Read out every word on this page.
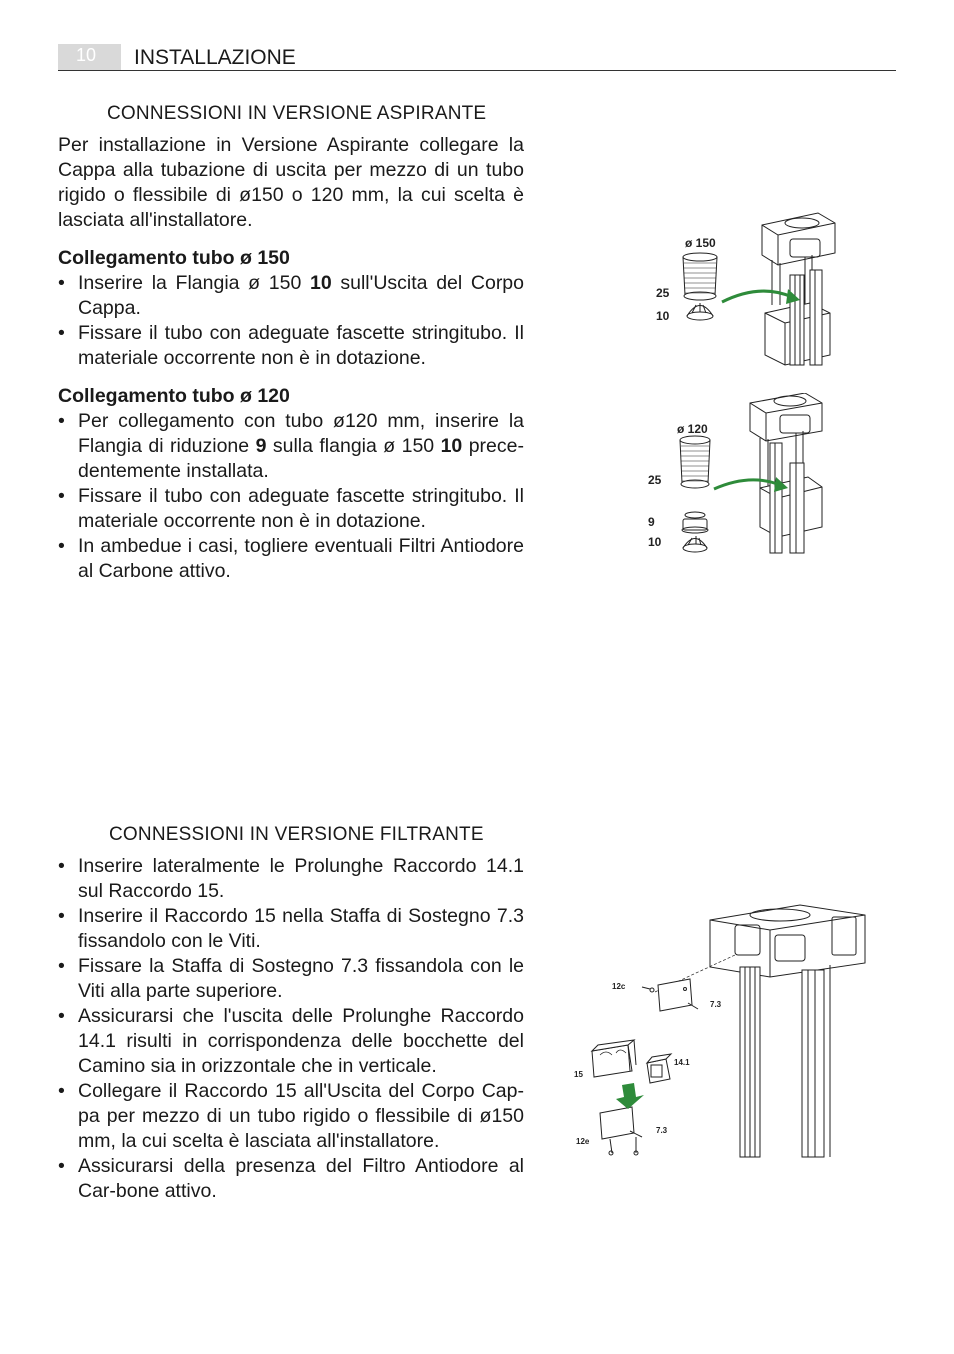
10 INSTALLAZIONE
CONNESSIONI IN VERSIONE ASPIRANTE

Per installazione in Versione Aspirante collegare la Cappa alla tubazione di uscita per mezzo di un tubo rigido o flessibile di ø150 o 120 mm, la cui scelta è lasciata all'installatore.

Collegamento tubo ø 150

• Inserire la Flangia ø 150 10 sull'Uscita del Corpo Cappa.
• Fissare il tubo con adeguate fascette stringitubo. Il materiale occorrente non è in dotazione.

Collegamento tubo ø 120

• Per collegamento con tubo ø120 mm, inserire la Flangia di riduzione 9 sulla flangia ø 150 10 prece-dentemente installata.
• Fissare il tubo con adeguate fascette stringitubo. Il materiale occorrente non è in dotazione.
• In ambedue i casi, togliere eventuali Filtri Antiodore al Carbone attivo.
CONNESSIONI IN VERSIONE FILTRANTE
• Inserire lateralmente le Prolunghe Raccordo 14.1 sul Raccordo 15.
• Inserire il Raccordo 15 nella Staffa di Sostegno 7.3 fissandolo con le Viti.
• Fissare la Staffa di Sostegno 7.3 fissandola con le Viti alla parte superiore.
• Assicurarsi che l'uscita delle Prolunghe Raccordo 14.1 risulti in corrispondenza delle bocchette del Camino sia in orizzontale che in verticale.
• Collegare il Raccordo 15 all'Uscita del Corpo Cap-pa per mezzo di un tubo rigido o flessibile di ø150 mm, la cui scelta è lasciata all'installatore.
• Assicurarsi della presenza del Filtro Antiodore al Car-bone attivo.
ø 150
25
10
ø 120
25
9
10
12c
7.3
15
14.1
7.3
12e
